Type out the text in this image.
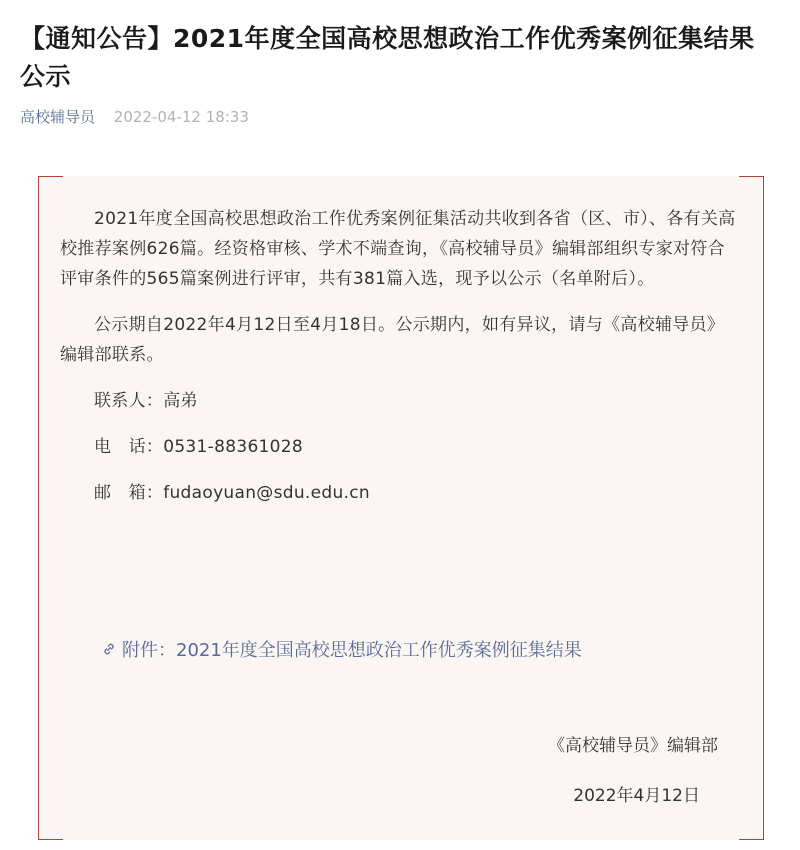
【通知公告】2021年度全国高校思想政治工作优秀案例征集结果公示
高校辅导员 2022-04-12 18:33

2021年度全国高校思想政治工作优秀案例征集活动共收到各省（区、市）、各有关高校推荐案例626篇。经资格审核、学术不端查询，《高校辅导员》编辑部组织专家对符合评审条件的565篇案例进行评审，共有381篇入选，现予以公示（名单附后）。

公示期自2022年4月12日至4月18日。公示期内，如有异议，请与《高校辅导员》编辑部联系。

联系人：高弟

电　话：0531-88361028

邮　箱：fudaoyuan@sdu.edu.cn

附件：2021年度全国高校思想政治工作优秀案例征集结果
《高校辅导员》编辑部
2022年4月12日
